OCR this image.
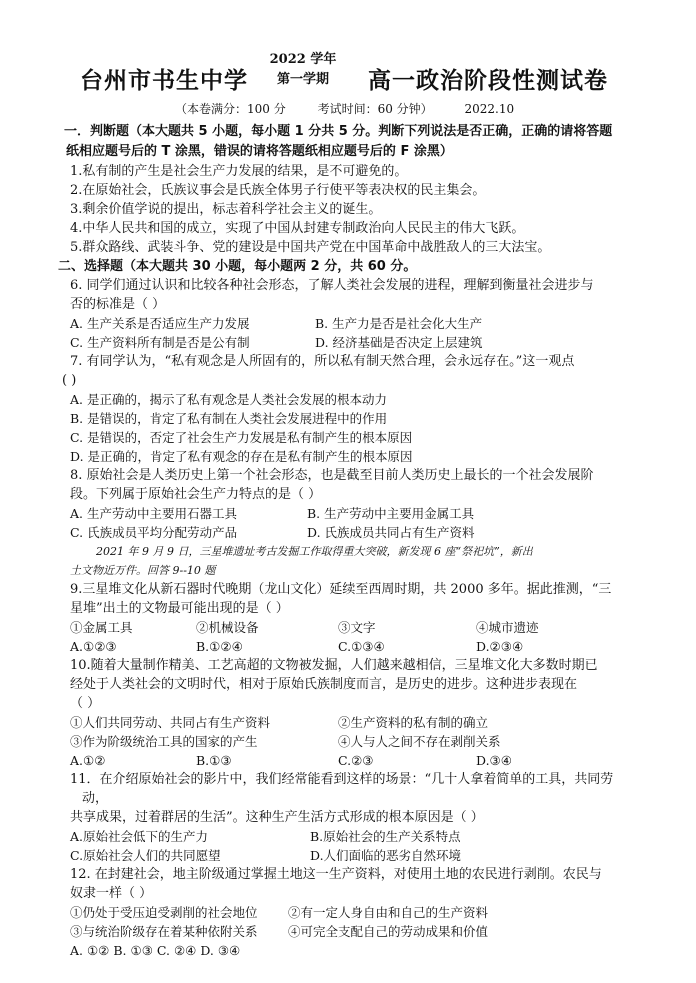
台州市书生中学
2022 学年
第一学期	高一政治阶段性测试卷
（本卷满分：100 分	考试时间：60 分钟）	2022.10
一．判断题（本大题共 5 小题，每小题 1 分共 5 分。判断下列说法是否正确，正确的请将答题
纸相应题号后的 T 涂黑，错误的请将答题纸相应题号后的 F 涂黑）
1.私有制的产生是社会生产力发展的结果，是不可避免的。
2.在原始社会，氏族议事会是氏族全体男子行使平等表决权的民主集会。
3.剩余价值学说的提出，标志着科学社会主义的诞生。
4.中华人民共和国的成立，实现了中国从封建专制政治向人民民主的伟大飞跃。
5.群众路线、武装斗争、党的建设是中国共产党在中国革命中战胜敌人的三大法宝。
二、选择题（本大题共 30 小题，每小题两 2 分，共 60 分。
6. 同学们通过认识和比较各种社会形态，了解人类社会发展的进程，理解到衡量社会进步与
否的标准是（ ）
A. 生产关系是否适应生产力发展	B. 生产力是否是社会化大生产
C. 生产资料所有制是否是公有制	D. 经济基础是否决定上层建筑
7. 有同学认为，“私有观念是人所固有的，所以私有制天然合理，会永远存在。”这一观点
( )
A. 是正确的，揭示了私有观念是人类社会发展的根本动力
B. 是错误的，肯定了私有制在人类社会发展进程中的作用
C. 是错误的，否定了社会生产力发展是私有制产生的根本原因
D. 是正确的，肯定了私有观念的存在是私有制产生的根本原因
8. 原始社会是人类历史上第一个社会形态，也是截至目前人类历史上最长的一个社会发展阶
段。下列属于原始社会生产力特点的是（ ）
A. 生产劳动中主要用石器工具	B. 生产劳动中主要用金属工具
C. 氏族成员平均分配劳动产品	D. 氏族成员共同占有生产资料
2021 年 9 月 9 日，三星堆遗址考古发掘工作取得重大突破，新发现 6 座“祭祀坑”，新出
土文物近万件。回答 9--10 题
9.三星堆文化从新石器时代晚期（龙山文化）延续至西周时期，共 2000 多年。据此推测，“三
星堆”出土的文物最可能出现的是（ ）
①金属工具	②机械设备	③文字	④城市遗迹
A.①②③	B.①②④	C.①③④	D.②③④
10.随着大量制作精美、工艺高超的文物被发掘，人们越来越相信，三星堆文化大多数时期已
经处于人类社会的文明时代，相对于原始氏族制度而言，是历史的进步。这种进步表现在
（ ）
①人们共同劳动、共同占有生产资料	②生产资料的私有制的确立
③作为阶级统治工具的国家的产生	④人与人之间不存在剥削关系
A.①②	B.①③	C.②③	D.③④
11．在介绍原始社会的影片中，我们经常能看到这样的场景：“几十人拿着简单的工具，共同劳
动，
共享成果，过着群居的生活”。这种生产生活方式形成的根本原因是（ ）
A.原始社会低下的生产力	B.原始社会的生产关系特点
C.原始社会人们的共同愿望	D.人们面临的恶劣自然环境
12. 在封建社会，地主阶级通过掌握土地这一生产资料，对使用土地的农民进行剥削。农民与
奴隶一样（ ）
①仍处于受压迫受剥削的社会地位 ②有一定人身自由和自己的生产资料
③与统治阶级存在着某种依附关系 ④可完全支配自己的劳动成果和价值
A. ①② B. ①③ C. ②④ D. ③④
